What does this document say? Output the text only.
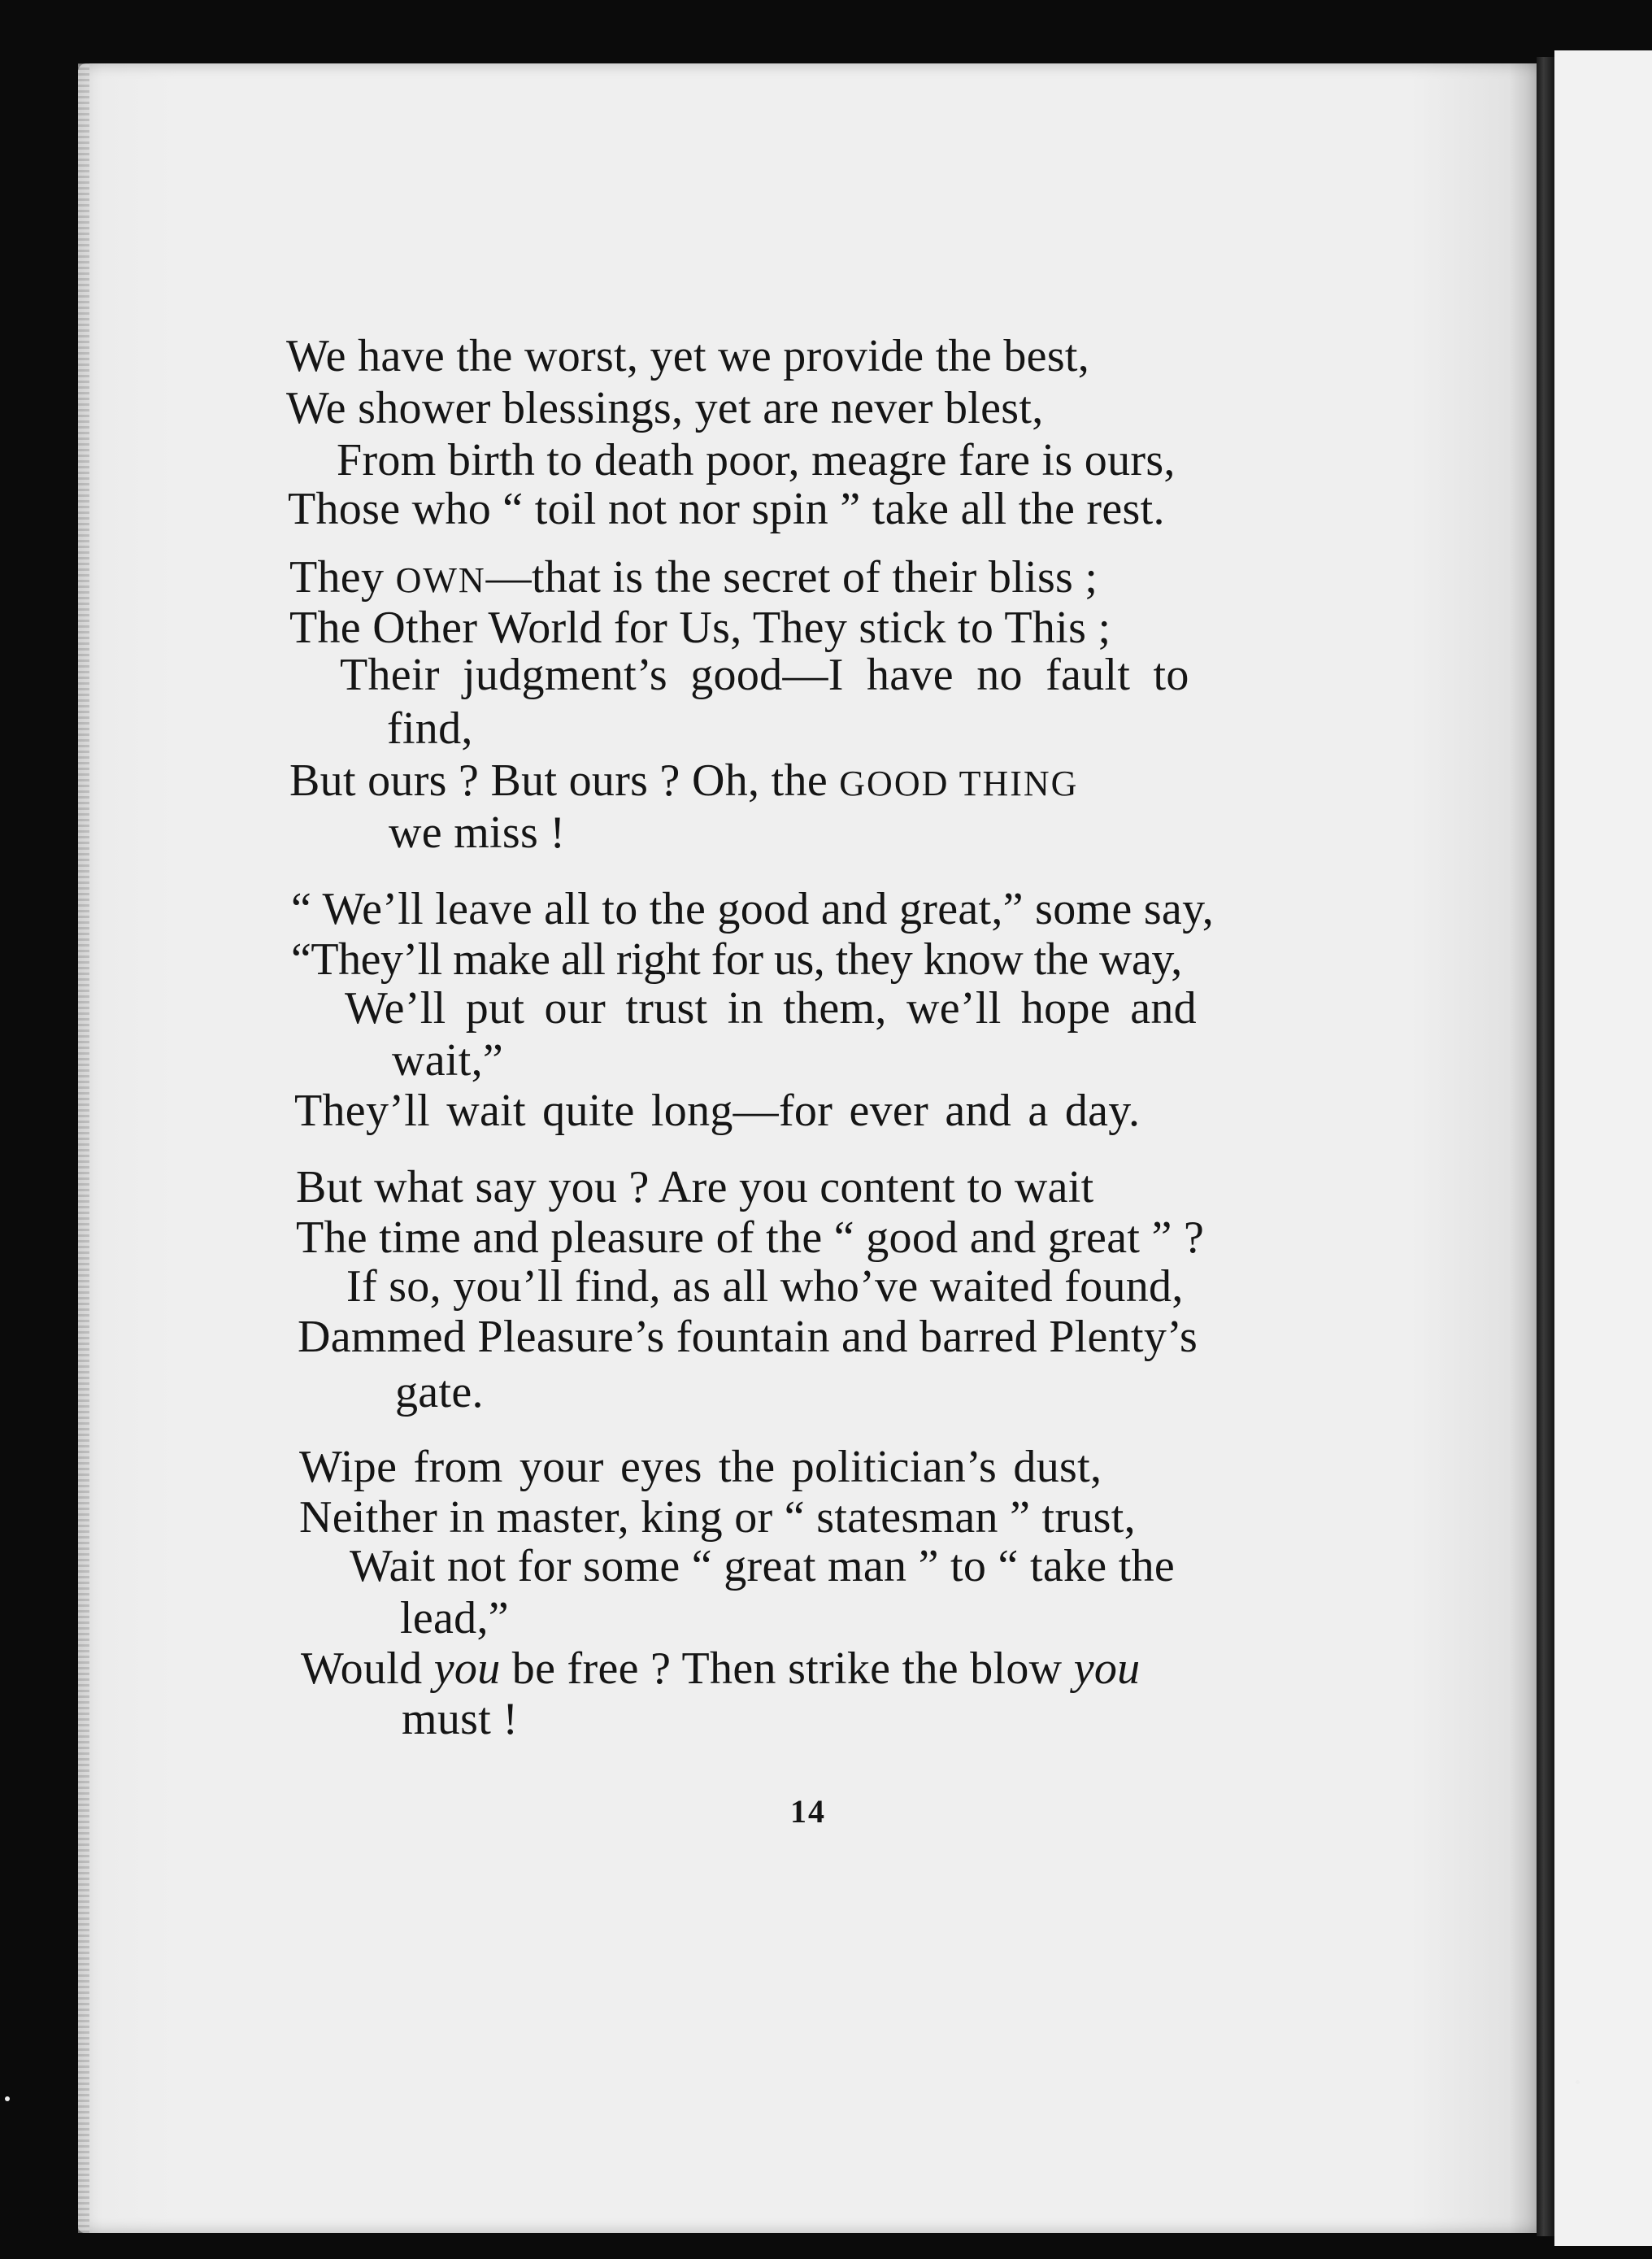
We have the worst, yet we provide the best,
We shower blessings, yet are never blest,
From birth to death poor, meagre fare is ours,
Those who “ toil not nor spin ” take all the rest.
They OWN—that is the secret of their bliss ;
The Other World for Us, They stick to This ;
Their judgment’s good—I have no fault to
find,
But ours ? But ours ? Oh, the GOOD THING
we miss !
“ We’ll leave all to the good and great,” some say,
“They’ll make all right for us, they know the way,
We’ll put our trust in them, we’ll hope and
wait,”
They’ll wait quite long—for ever and a day.
But what say you ? Are you content to wait
The time and pleasure of the “ good and great ” ?
If so, you’ll find, as all who’ve waited found,
Dammed Pleasure’s fountain and barred Plenty’s
gate.
Wipe from your eyes the politician’s dust,
Neither in master, king or “ statesman ” trust,
Wait not for some “ great man ” to “ take the
lead,”
Would you be free ? Then strike the blow you
must !
14
